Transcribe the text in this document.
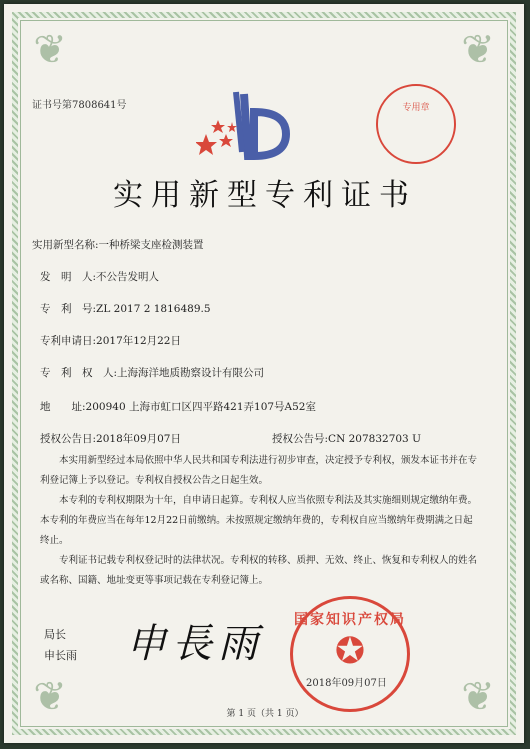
❦	❦
❦	❦
证书号第7808641号	专用章
实用新型专利证书
实用新型名称:一种桥梁支座检测装置
发　明　人:不公告发明人
专　利　号:ZL 2017 2 1816489.5
专利申请日:2017年12月22日
专　利　权　人:上海海洋地质勘察设计有限公司
地　　址:200940 上海市虹口区四平路421弄107号A52室
授权公告日:2018年09月07日	授权公告号:CN 207832703 U
本实用新型经过本局依照中华人民共和国专利法进行初步审查，决定授予专利权，颁发本证书并在专利登记簿上予以登记。专利权自授权公告之日起生效。
本专利的专利权期限为十年，自申请日起算。专利权人应当依照专利法及其实施细则规定缴纳年费。本专利的年费应当在每年12月22日前缴纳。未按照规定缴纳年费的，专利权自应当缴纳年费期满之日起终止。
专利证书记载专利权登记时的法律状况。专利权的转移、质押、无效、终止、恢复和专利权人的姓名或名称、国籍、地址变更等事项记载在专利登记簿上。
局长
申长雨 申長雨
国家知识产权局
✪
2018年09月07日
第 1 页（共 1 页）
